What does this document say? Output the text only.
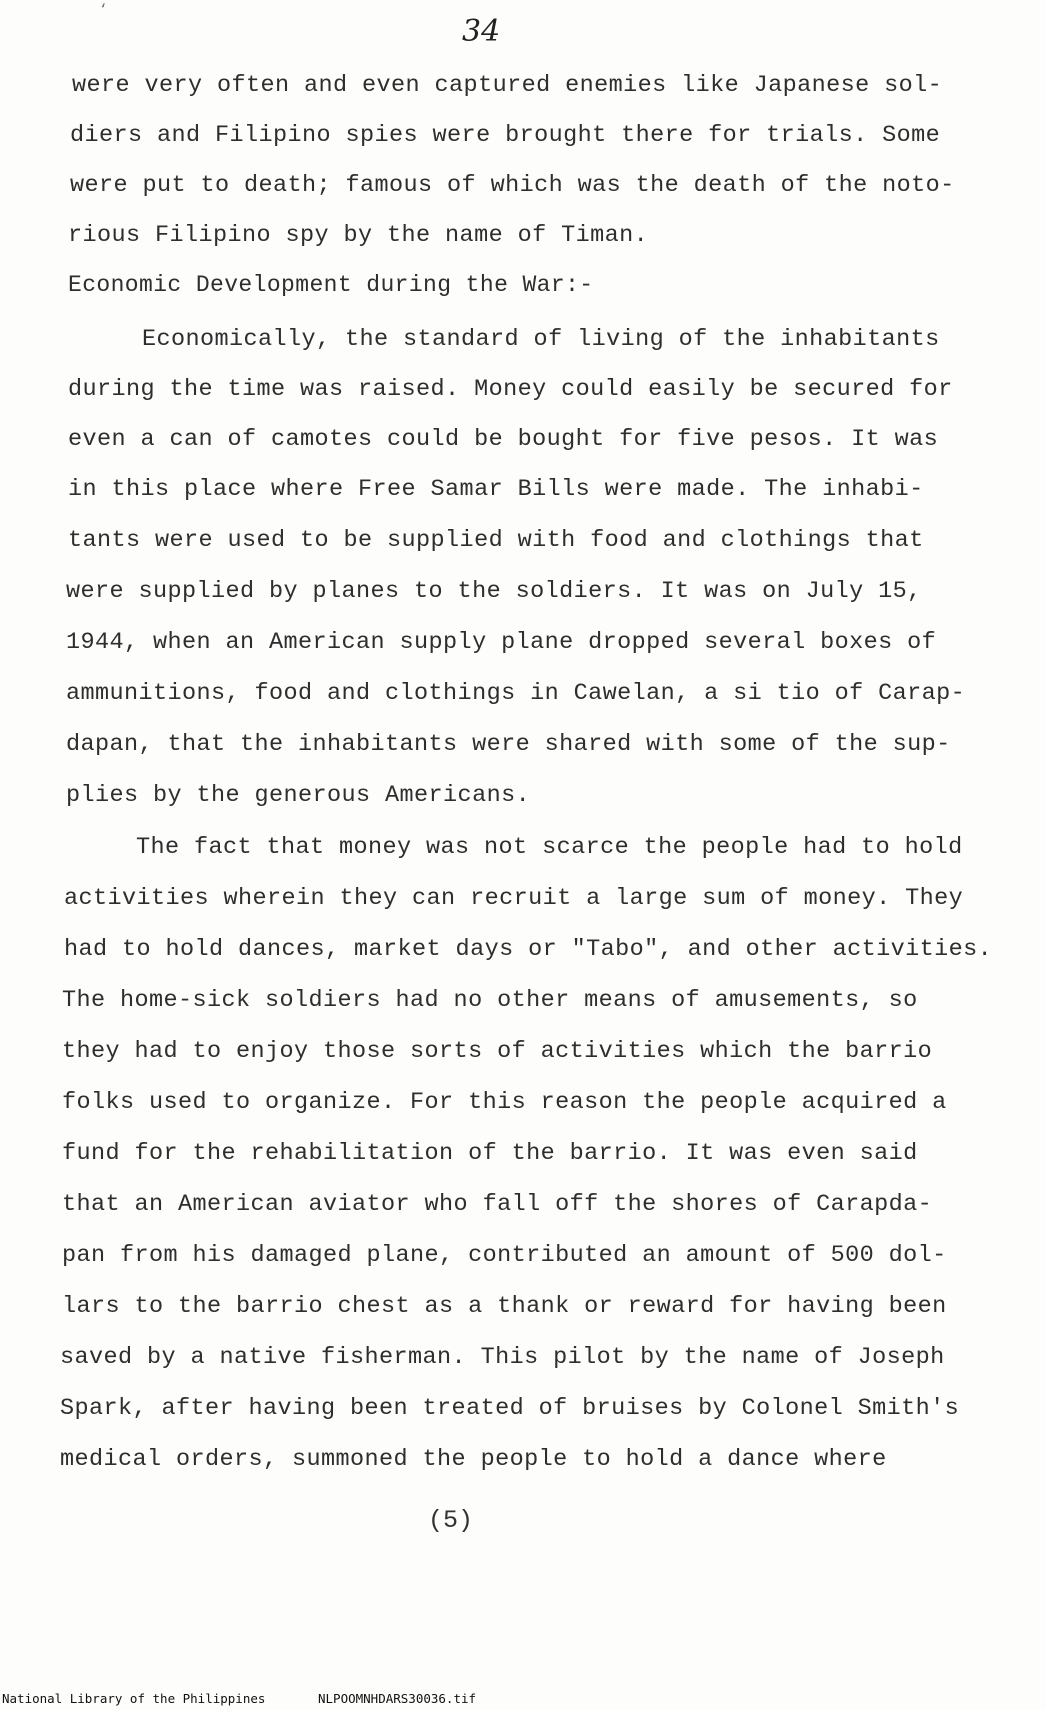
‘
34
were very often and even captured enemies like Japanese sol-
diers and Filipino spies were brought there for trials. Some
were put to death; famous of which was the death of the noto-
rious Filipino spy by the name of Timan.
Economic Development during the War:-
Economically, the standard of living of the inhabitants
during the time was raised. Money could easily be secured for
even a can of camotes could be bought for five pesos. It was
in this place where Free Samar Bills were made. The inhabi-
tants were used to be supplied with food and clothings that
were supplied by planes to the soldiers. It was on July 15,
1944, when an American supply plane dropped several boxes of
ammunitions, food and clothings in Cawelan, a si tio of Carap-
dapan, that the inhabitants were shared with some of the sup-
plies by the generous Americans.
The fact that money was not scarce the people had to hold
activities wherein they can recruit a large sum of money. They
had to hold dances, market days or "Tabo", and other activities.
The home-sick soldiers had no other means of amusements, so
they had to enjoy those sorts of activities which the barrio
folks used to organize. For this reason the people acquired a
fund for the rehabilitation of the barrio. It was even said
that an American aviator who fall off the shores of Carapda-
pan from his damaged plane, contributed an amount of 500 dol-
lars to the barrio chest as a thank or reward for having been
saved by a native fisherman. This pilot by the name of Joseph
Spark, after having been treated of bruises by Colonel Smith's
medical orders, summoned the people to hold a dance where
(5)
National Library of the Philippines	NLPOOMNHDARS30036.tif
